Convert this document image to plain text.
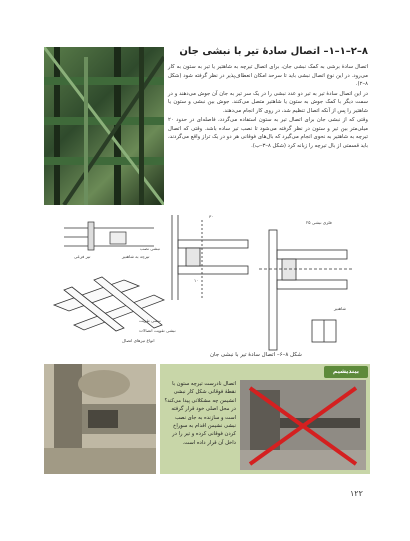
۸–۲–۱–۱– اتصال سادهٔ تیر با نبشی جان

اتصال سادهٔ برشی به کمک نبشی جان، برای اتصال تیرچه به شاهتیر یا تیر به ستون به کار می‌رود. در این نوع اتصال نبشی باید تا سرحد امکان انعطاف‌پذیر در نظر گرفته شود (شکل ۸–۲).

در این اتصال سادهٔ تیر به تیر دو عدد نبشی را در یک سر تیر به جان آن جوش می‌دهند و در سمت دیگر با کمک جوش به ستون یا شاهتیر متصل می‌کنند. جوش بین نبشی و ستون یا شاهتیر را پس از آنکه اتصال تنظیم شد، در روی کار انجام می‌دهند.

وقتی که از نبشی جان برای اتصال تیر به ستون استفاده می‌گردد، فاصله‌ای در حدود ۲۰ میلی‌متر بین تیر و ستون در نظر گرفته می‌شود تا نصب تیر ساده باشد. وقتی که اتصال تیرچه به شاهتیر به نحوی انجام می‌گیرد که بال‌های فوقانی هر دو در یک تراز واقع می‌گردند، باید قسمتی از بال تیرچه را زبانه کرد (شکل ۸–۳–ب).

تیر فرعی	تیرچه به شاهتیر
نبشی نصب
نبشی تقویت
نبشی تقویت اتصالات
انواع تیرهای اتصال
۳۰
۱۰
فلزی نبشی ۲۵
شاهتیر
شکل ۸–۶– اتصال سادهٔ تیر با نبشی جان
بیندیشیم
اتصال نادرست تیرچه ستون با نقطهٔ فوقانی شکل کار نبشی انشیمن چه مشکلاتی پیدا می‌کند؟ در محل اصلی خود قرار گرفته است و سازنده به جای نصب نبشی نشیمن اقدام به سوراخ کردن فوقانی کرده و تیر را در داخل آن قرار داده است.
۱۲۲
